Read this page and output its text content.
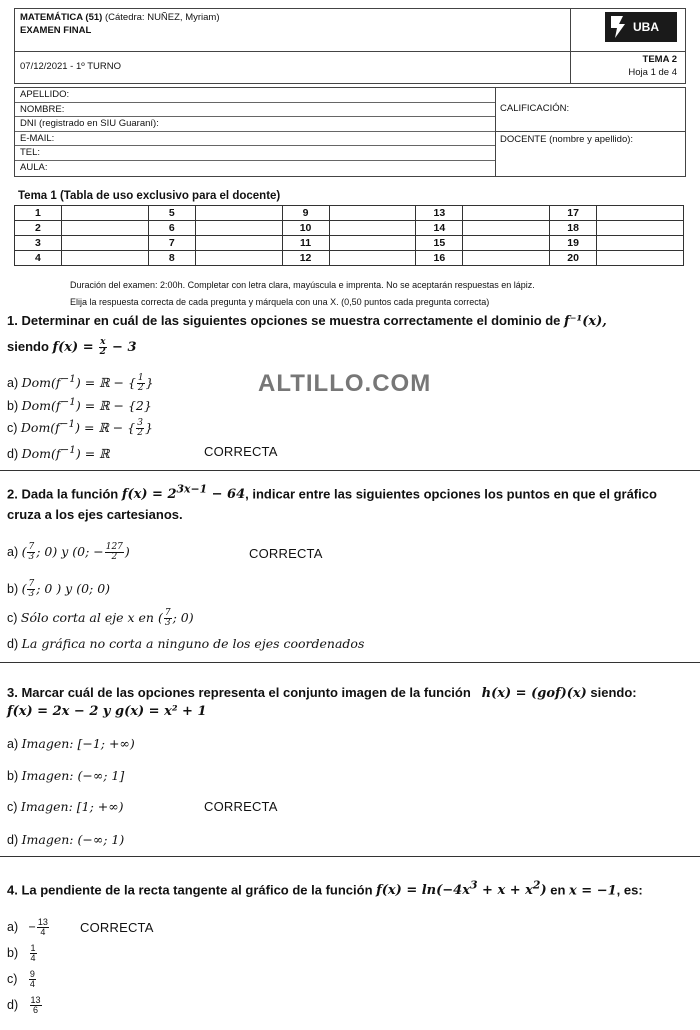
MATEMÁTICA (51) (Cátedra: NUÑEZ, Myriam)
EXAMEN FINAL
07/12/2021 - 1º TURNO
TEMA 2
Hoja 1 de 4
UBA
APELLIDO:
NOMBRE:
DNI (registrado en SIU Guaraní):
E-MAIL:
TEL:
AULA:
CALIFICACIÓN:
DOCENTE (nombre y apellido):
Tema 1 (Tabla de uso exclusivo para el docente)
1		5		9		13		17	
2		6		10		14		18	
3		7		11		15		19	
4		8		12		16		20	
Duración del examen: 2:00h. Completar con letra clara, mayúscula e imprenta. No se aceptarán respuestas en lápiz.
Elija la respuesta correcta de cada pregunta y márquela con una X. (0,50 puntos cada pregunta correcta)
1. Determinar en cuál de las siguientes opciones se muestra correctamente el dominio de f⁻¹(x),
siendo $f(x) = \frac{x}{2} - 3$
a) $Dom(f^{-1})$ = ℝ − { $\frac{1}{2}$ }
b) $Dom(f^{-1})$ = ℝ − {2}
c) $Dom(f^{-1})$ = ℝ − { $\frac{3}{2}$ }
d) $Dom(f^{-1})$ = ℝ	CORRECTA
ALTILLO.COM
2. Dada la función $f(x) = 2^{3x-1} - 64$, indicar entre las siguientes opciones los puntos en que el gráfico
cruza a los ejes cartesianos.
a) ( $\frac{7}{3}$ ; 0) y (0; − $\frac{127}{2}$ )	CORRECTA
b) ( $\frac{7}{3}$ ; 0 ) y (0; 0)
c) Sólo corta al eje x en ( $\frac{7}{3}$ ; 0)
d) La gráfica no corta a ninguno de los ejes coordenados
3. Marcar cuál de las opciones representa el conjunto imagen de la función   h(x) = (gof)(x) siendo:
f(x) = 2x − 2 y g(x) = x² + 1
a) Imagen: [−1; +∞)
b) Imagen: (−∞; 1]
c) Imagen: [1; +∞)	CORRECTA
d) Imagen: (−∞; 1)
4. La pendiente de la recta tangente al gráfico de la función $f(x) = \ln(-4x^3 + x + x^2)$ en x = −1, es:
$a) - \frac{13}{4}$ CORRECTA
$b) \frac{1}{4}$
$c) \frac{9}{4}$
$d) \frac{13}{6}$
